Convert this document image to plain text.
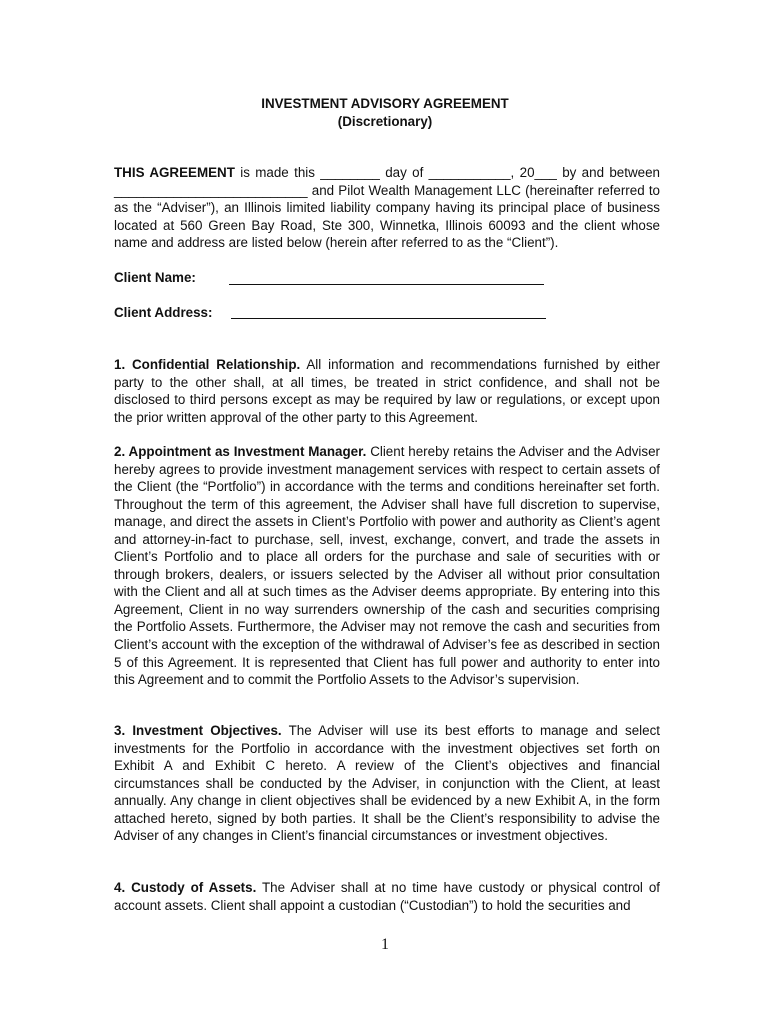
INVESTMENT ADVISORY AGREEMENT
(Discretionary)
THIS AGREEMENT is made this ________ day of ___________, 20___ by and between __________________________ and Pilot Wealth Management LLC (hereinafter referred to as the “Adviser”), an Illinois limited liability company having its principal place of business located at 560 Green Bay Road, Ste 300, Winnetka, Illinois 60093 and the client whose name and address are listed below (herein after referred to as the “Client”).
Client Name:
Client Address:
1. Confidential Relationship. All information and recommendations furnished by either party to the other shall, at all times, be treated in strict confidence, and shall not be disclosed to third persons except as may be required by law or regulations, or except upon the prior written approval of the other party to this Agreement.
2. Appointment as Investment Manager. Client hereby retains the Adviser and the Adviser hereby agrees to provide investment management services with respect to certain assets of the Client (the “Portfolio”) in accordance with the terms and conditions hereinafter set forth. Throughout the term of this agreement, the Adviser shall have full discretion to supervise, manage, and direct the assets in Client’s Portfolio with power and authority as Client’s agent and attorney-in-fact to purchase, sell, invest, exchange, convert, and trade the assets in Client’s Portfolio and to place all orders for the purchase and sale of securities with or through brokers, dealers, or issuers selected by the Adviser all without prior consultation with the Client and all at such times as the Adviser deems appropriate. By entering into this Agreement, Client in no way surrenders ownership of the cash and securities comprising the Portfolio Assets. Furthermore, the Adviser may not remove the cash and securities from Client’s account with the exception of the withdrawal of Adviser’s fee as described in section 5 of this Agreement. It is represented that Client has full power and authority to enter into this Agreement and to commit the Portfolio Assets to the Advisor’s supervision.
3. Investment Objectives. The Adviser will use its best efforts to manage and select investments for the Portfolio in accordance with the investment objectives set forth on Exhibit A and Exhibit C hereto. A review of the Client’s objectives and financial circumstances shall be conducted by the Adviser, in conjunction with the Client, at least annually. Any change in client objectives shall be evidenced by a new Exhibit A, in the form attached hereto, signed by both parties. It shall be the Client’s responsibility to advise the Adviser of any changes in Client’s financial circumstances or investment objectives.
4. Custody of Assets. The Adviser shall at no time have custody or physical control of account assets. Client shall appoint a custodian (“Custodian”) to hold the securities and
1
